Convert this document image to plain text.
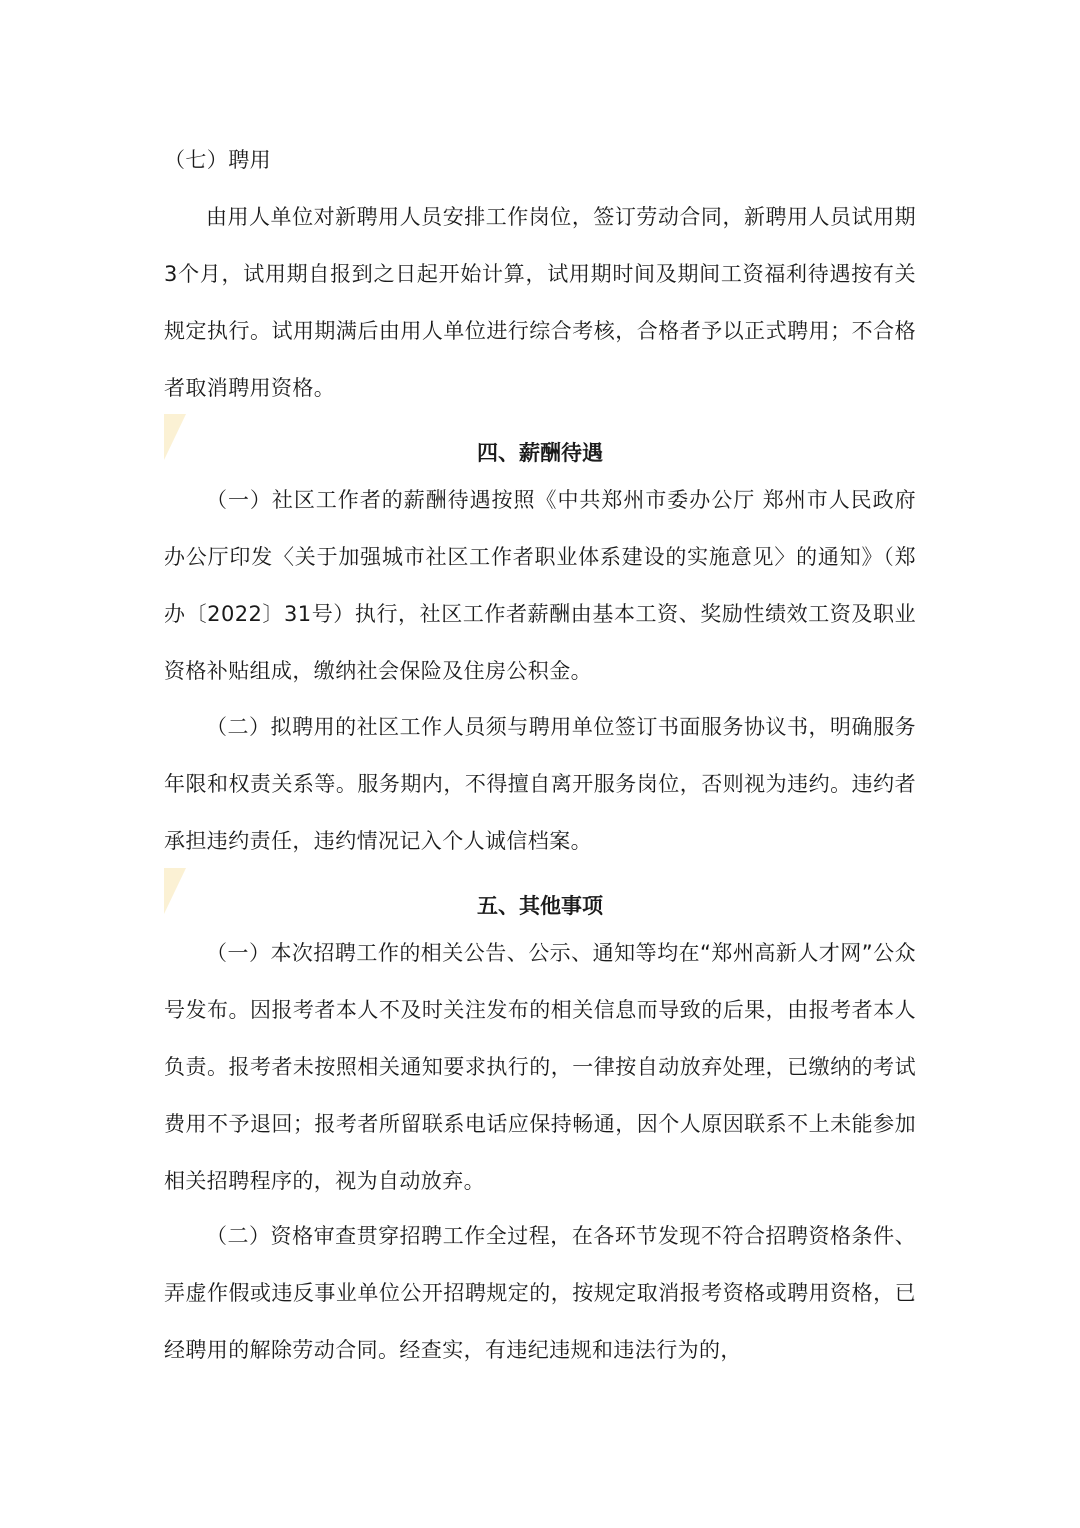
（七）聘用

由用人单位对新聘用人员安排工作岗位，签订劳动合同，新聘用人员试用期3个月，试用期自报到之日起开始计算，试用期时间及期间工资福利待遇按有关规定执行。试用期满后由用人单位进行综合考核，合格者予以正式聘用；不合格者取消聘用资格。

四、薪酬待遇

（一）社区工作者的薪酬待遇按照《中共郑州市委办公厅 郑州市人民政府办公厅印发〈关于加强城市社区工作者职业体系建设的实施意见〉的通知》（郑办〔2022〕31号）执行，社区工作者薪酬由基本工资、奖励性绩效工资及职业资格补贴组成，缴纳社会保险及住房公积金。

（二）拟聘用的社区工作人员须与聘用单位签订书面服务协议书，明确服务年限和权责关系等。服务期内，不得擅自离开服务岗位，否则视为违约。违约者承担违约责任，违约情况记入个人诚信档案。

五、其他事项

（一）本次招聘工作的相关公告、公示、通知等均在“郑州高新人才网”公众号发布。因报考者本人不及时关注发布的相关信息而导致的后果，由报考者本人负责。报考者未按照相关通知要求执行的，一律按自动放弃处理，已缴纳的考试费用不予退回；报考者所留联系电话应保持畅通，因个人原因联系不上未能参加相关招聘程序的，视为自动放弃。

（二）资格审查贯穿招聘工作全过程，在各环节发现不符合招聘资格条件、弄虚作假或违反事业单位公开招聘规定的，按规定取消报考资格或聘用资格，已经聘用的解除劳动合同。经查实，有违纪违规和违法行为的，
